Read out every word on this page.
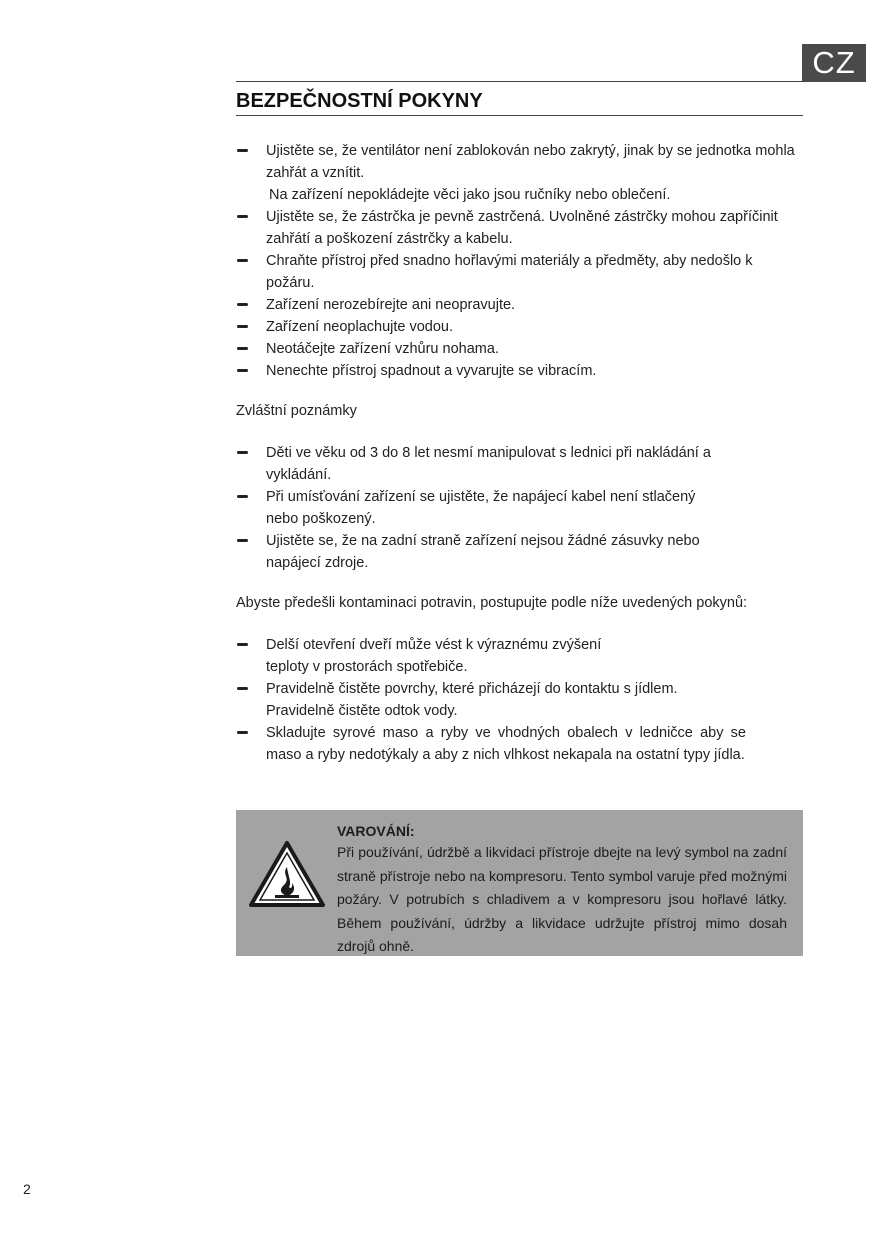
CZ
BEZPEČNOSTNÍ POKYNY
Ujistěte se, že ventilátor není zablokován nebo zakrytý, jinak by se jednotka mohla zahřát a vznítit.
Na zařízení nepokládejte věci jako jsou ručníky nebo oblečení.
Ujistěte se, že zástrčka je pevně zastrčená. Uvolněné zástrčky mohou zapříčinit zahřátí a poškození zástrčky a kabelu.
Chraňte přístroj před snadno hořlavými materiály a předměty, aby nedošlo k požáru.
Zařízení nerozebírejte ani neopravujte.
Zařízení neoplachujte vodou.
Neotáčejte zařízení vzhůru nohama.
Nenechte přístroj spadnout a vyvarujte se vibracím.

Zvláštní poznámky

Děti ve věku od 3 do 8 let nesmí manipulovat s lednici při nakládání a vykládání.
Při umísťování zařízení se ujistěte, že napájecí kabel není stlačený nebo poškozený.
Ujistěte se, že na zadní straně zařízení nejsou žádné zásuvky nebo napájecí zdroje.

Abyste předešli kontaminaci potravin, postupujte podle níže uvedených pokynů:

Delší otevření dveří může vést k výraznému zvýšení teploty v prostorách spotřebiče.
Pravidelně čistěte povrchy, které přicházejí do kontaktu s jídlem.
Pravidelně čistěte odtok vody.
Skladujte syrové maso a ryby ve vhodných obalech v ledničce aby se maso a ryby nedotýkaly a aby z nich vlhkost nekapala na ostatní typy jídla.
VAROVÁNÍ:
Při používání, údržbě a likvidaci přístroje dbejte na levý symbol na zadní straně přístroje nebo na kompresoru. Tento symbol varuje před možnými požáry. V potrubích s chladivem a v kompresoru jsou hořlavé látky. Během používání, údržby a likvidace udržujte přístroj mimo dosah zdrojů ohně.
2
